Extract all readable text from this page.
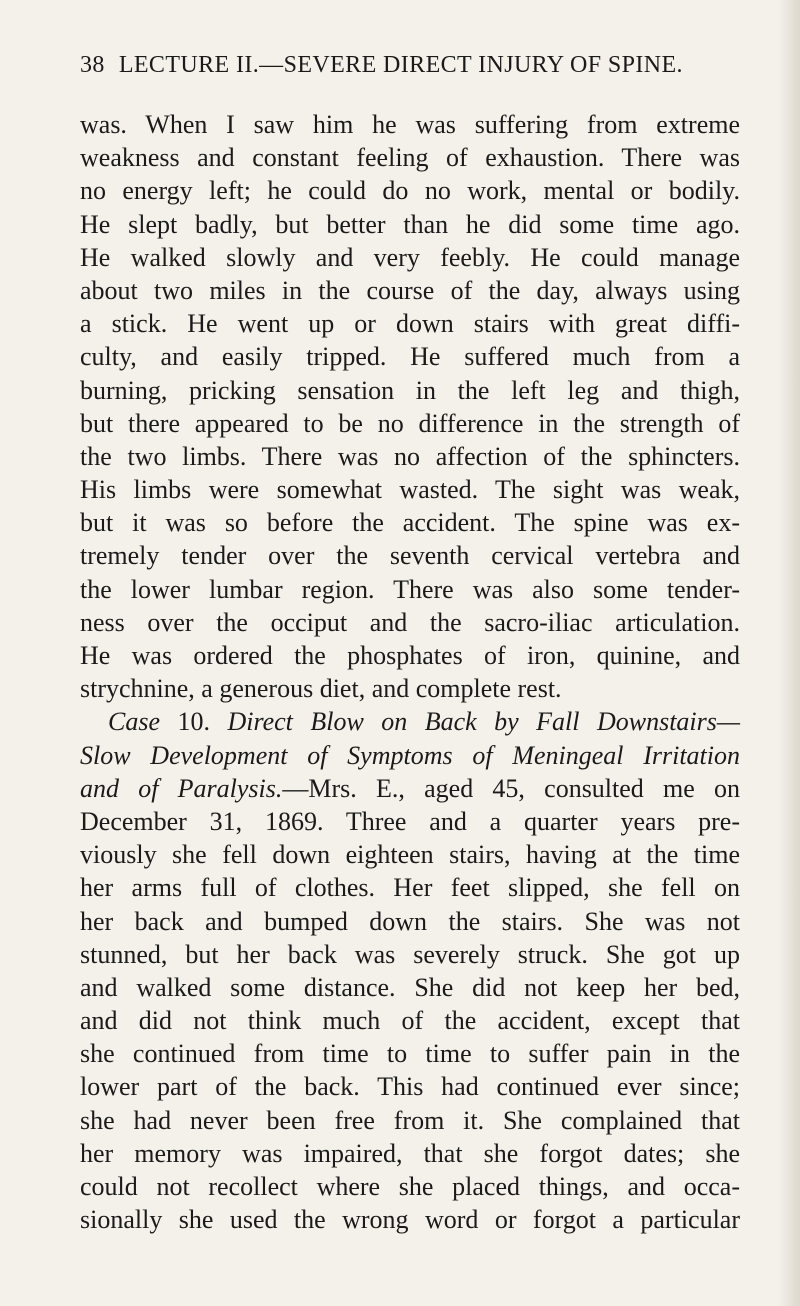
38 LECTURE II.—SEVERE DIRECT INJURY OF SPINE.
was. When I saw him he was suffering from extreme
weakness and constant feeling of exhaustion. There was
no energy left; he could do no work, mental or bodily.
He slept badly, but better than he did some time ago.
He walked slowly and very feebly. He could manage
about two miles in the course of the day, always using
a stick. He went up or down stairs with great diffi-
culty, and easily tripped. He suffered much from a
burning, pricking sensation in the left leg and thigh,
but there appeared to be no difference in the strength of
the two limbs. There was no affection of the sphincters.
His limbs were somewhat wasted. The sight was weak,
but it was so before the accident. The spine was ex-
tremely tender over the seventh cervical vertebra and
the lower lumbar region. There was also some tender-
ness over the occiput and the sacro-iliac articulation.
He was ordered the phosphates of iron, quinine, and
strychnine, a generous diet, and complete rest.
Case 10. Direct Blow on Back by Fall Downstairs—
Slow Development of Symptoms of Meningeal Irritation
and of Paralysis.—Mrs. E., aged 45, consulted me on
December 31, 1869. Three and a quarter years pre-
viously she fell down eighteen stairs, having at the time
her arms full of clothes. Her feet slipped, she fell on
her back and bumped down the stairs. She was not
stunned, but her back was severely struck. She got up
and walked some distance. She did not keep her bed,
and did not think much of the accident, except that
she continued from time to time to suffer pain in the
lower part of the back. This had continued ever since;
she had never been free from it. She complained that
her memory was impaired, that she forgot dates; she
could not recollect where she placed things, and occa-
sionally she used the wrong word or forgot a particular
